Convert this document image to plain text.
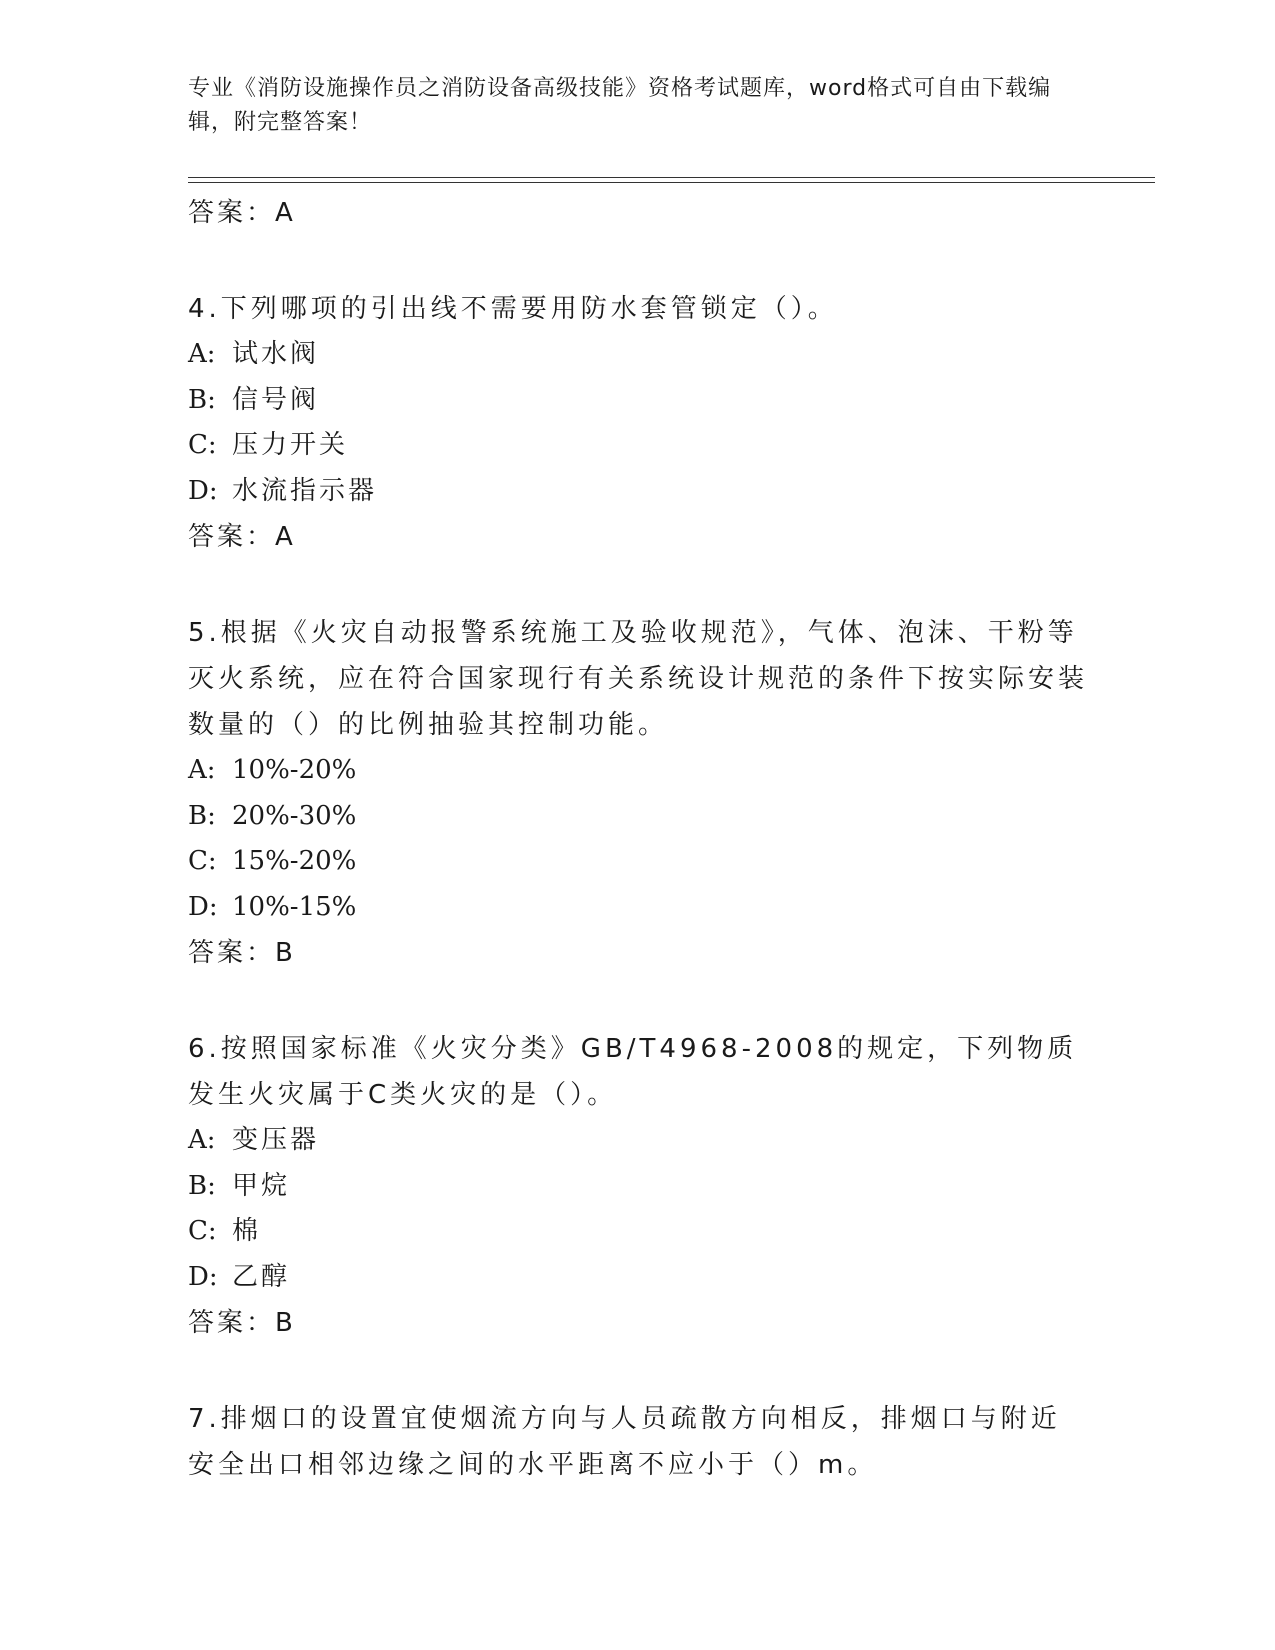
专业《消防设施操作员之消防设备高级技能》资格考试题库，word格式可自由下载编辑，附完整答案！

答案：A

4.下列哪项的引出线不需要用防水套管锁定（）。

A: 试水阀

B: 信号阀

C: 压力开关

D: 水流指示器

答案：A

5.根据《火灾自动报警系统施工及验收规范》，气体、泡沫、干粉等灭火系统，应在符合国家现行有关系统设计规范的条件下按实际安装数量的（）的比例抽验其控制功能。

A: 10%-20%

B: 20%-30%

C: 15%-20%

D: 10%-15%

答案：B

6.按照国家标准《火灾分类》GB/T4968-2008的规定，下列物质发生火灾属于C类火灾的是（）。

A: 变压器

B: 甲烷

C: 棉

D: 乙醇

答案：B

7.排烟口的设置宜使烟流方向与人员疏散方向相反，排烟口与附近安全出口相邻边缘之间的水平距离不应小于（）m。
